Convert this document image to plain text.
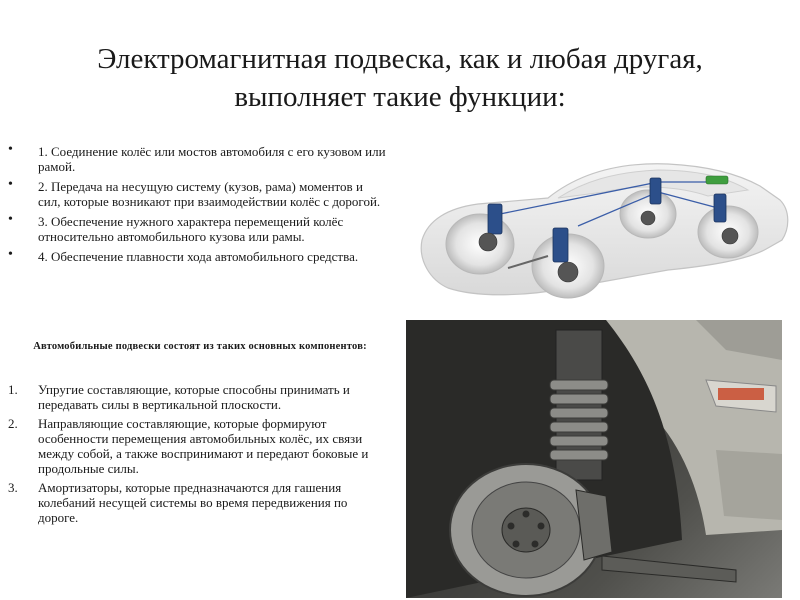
Электромагнитная подвеска, как и любая другая, выполняет такие функции:
• 1. Соединение колёс или мостов автомобиля с его кузовом или рамой.
• 2. Передача на несущую систему (кузов, рама) моментов и сил, которые возникают при взаимодействии колёс с дорогой.
• 3. Обеспечение нужного характера перемещений колёс относительно автомобильного кузова или рамы.
• 4. Обеспечение плавности хода автомобильного средства.
Автомобильные подвески состоят из таких основных компонентов:
1. Упругие составляющие, которые способны принимать и передавать силы в вертикальной плоскости.
2. Направляющие составляющие, которые формируют особенности перемещения автомобильных колёс, их связи между собой, а также воспринимают и передают боковые и продольные силы.
3. Амортизаторы, которые предназначаются для гашения колебаний несущей системы во время передвижения по дороге.
